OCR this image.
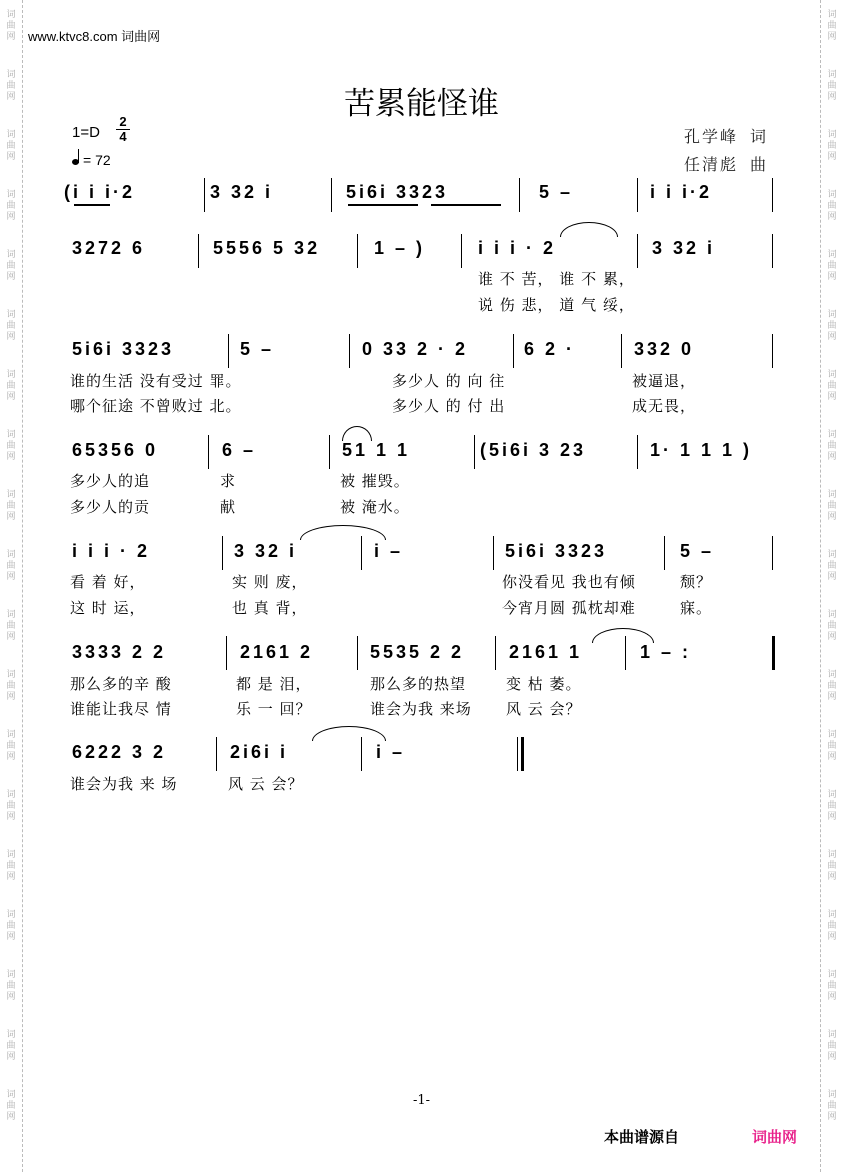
词
曲
网
词
曲
网
词
曲
网
词
曲
网
词
曲
网
词
曲
网
词
曲
网
词
曲
网
词
曲
网
词
曲
网
词
曲
网
词
曲
网
词
曲
网
词
曲
网
词
曲
网
词
曲
网
词
曲
网
词
曲
网
词
曲
网
词
曲
网
词
曲
网
词
曲
网
词
曲
网
词
曲
网
词
曲
网
词
曲
网
词
曲
网
词
曲
网
词
曲
网
词
曲
网
词
曲
网
词
曲
网
词
曲
网
词
曲
网
词
曲
网
词
曲
网
词
曲
网
词
曲
网
www.ktvc8.com 词曲网
苦累能怪谁
1=D
2
4
= 72
孔学峰 词
任清彪 曲
(i i i·2	3 32 i	5i6i 3323	5 –	i i i·2
3272 6	5556 5 32	1 – )	i i i · 2	3 32 i
谁 不 苦， 谁 不 累，
说 伤 悲， 道 气 绥，
5i6i 3323	5 –	0 33 2 · 2	6 2 ·	332 0
谁的生活 没有受过 罪。	多少人 的 向 往	被逼退，
哪个征途 不曾败过 北。	多少人 的 付 出	成无畏，
65356 0	6 –	51 1 1	(5i6i 3 23	1· 1 1 1 )
多少人的追	求	被 摧毁。
多少人的贡	献	被 淹水。
i i i · 2	3 32 i	i –	5i6i 3323	5 –
看 着 好，	实 则 废，	你没看见 我也有倾	颓？
这 时 运，	也 真 背，	今宵月圆 孤枕却难	寐。
3333 2 2	2161 2	5535 2 2 2161 1	1 – :
那么多的辛 酸	都 是 泪，	那么多的热望	变 枯 萎。
谁能让我尽 情	乐 一 回？	谁会为我 来场 风 云 会？
6222 3 2	2i6i i	i –
谁会为我 来 场	风 云 会？
-1-
本曲谱源自	词曲网
